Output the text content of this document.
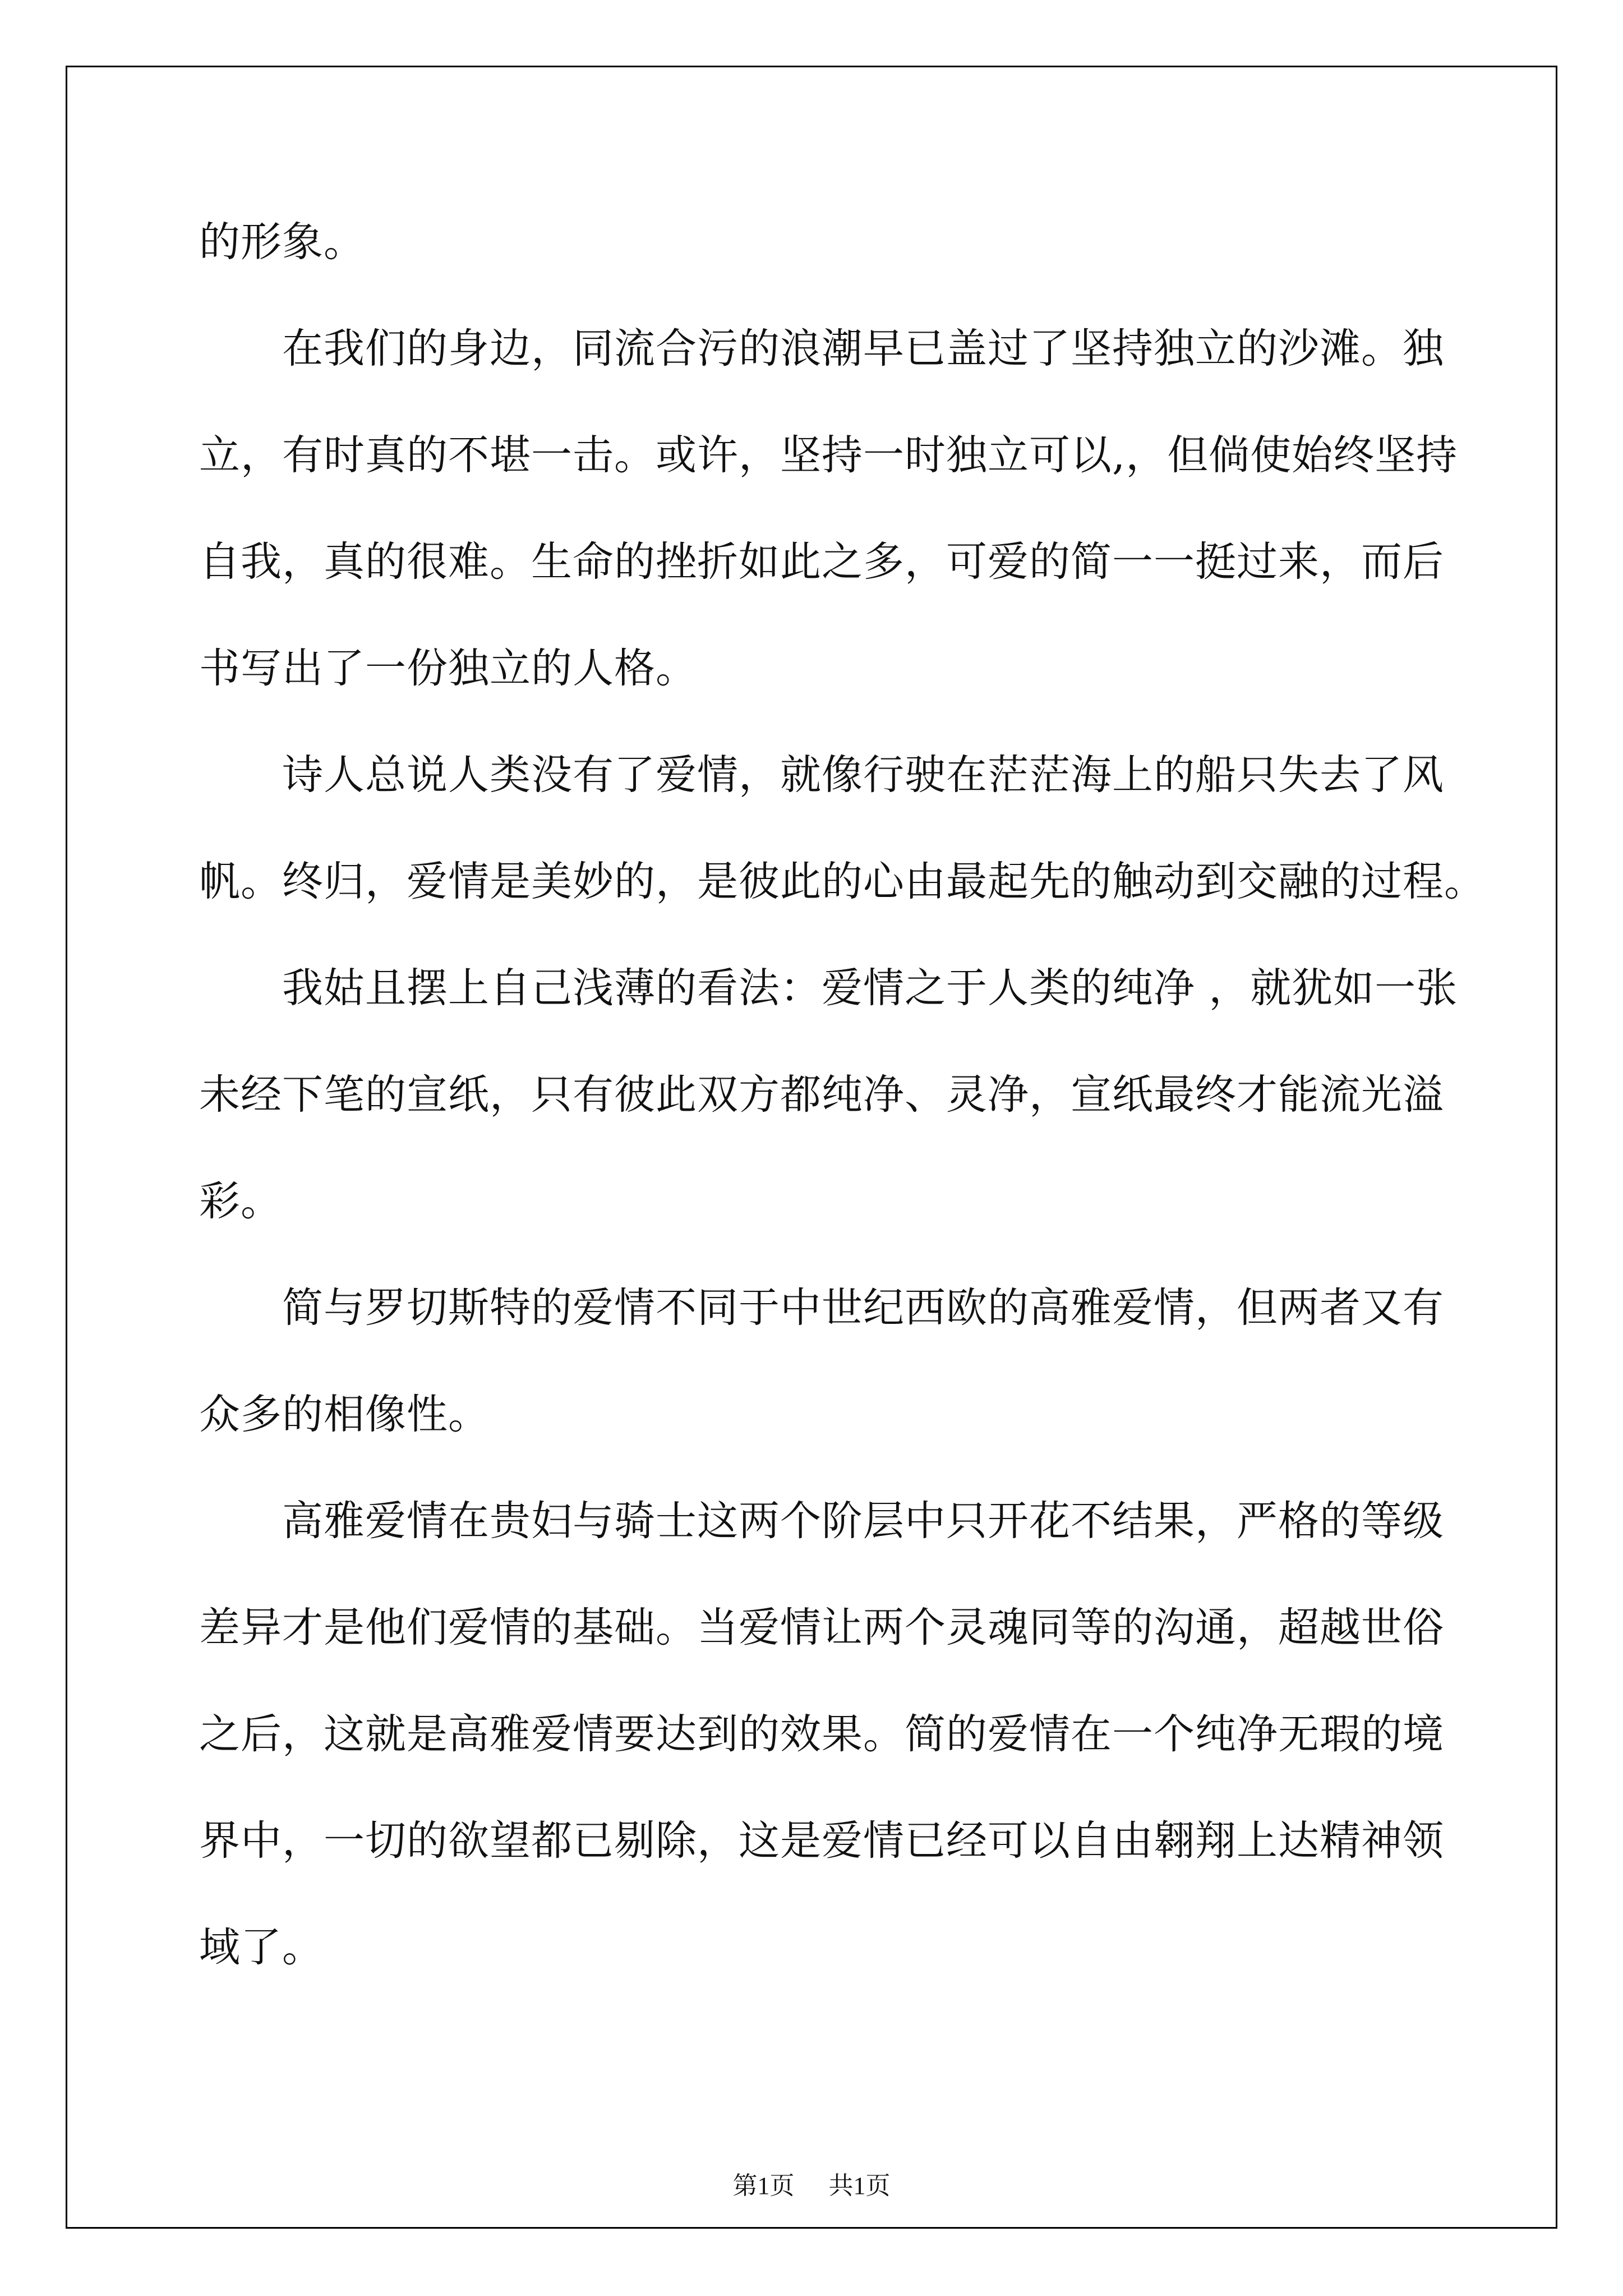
的形象。
在我们的身边，同流合污的浪潮早已盖过了坚持独立的沙滩。独
立，有时真的不堪一击。或许，坚持一时独立可以,，但倘使始终坚持
自我，真的很难。生命的挫折如此之多，可爱的简一一挺过来，而后
书写出了一份独立的人格。
诗人总说人类没有了爱情，就像行驶在茫茫海上的船只失去了风
帆。终归，爱情是美妙的，是彼此的心由最起先的触动到交融的过程。
我姑且摆上自己浅薄的看法：爱情之于人类的纯净 ，就犹如一张
未经下笔的宣纸，只有彼此双方都纯净、灵净，宣纸最终才能流光溢
彩。
简与罗切斯特的爱情不同于中世纪西欧的高雅爱情，但两者又有
众多的相像性。
高雅爱情在贵妇与骑士这两个阶层中只开花不结果，严格的等级
差异才是他们爱情的基础。当爱情让两个灵魂同等的沟通，超越世俗
之后，这就是高雅爱情要达到的效果。简的爱情在一个纯净无瑕的境
界中，一切的欲望都已剔除，这是爱情已经可以自由翱翔上达精神领
域了。
第1页 共1页
